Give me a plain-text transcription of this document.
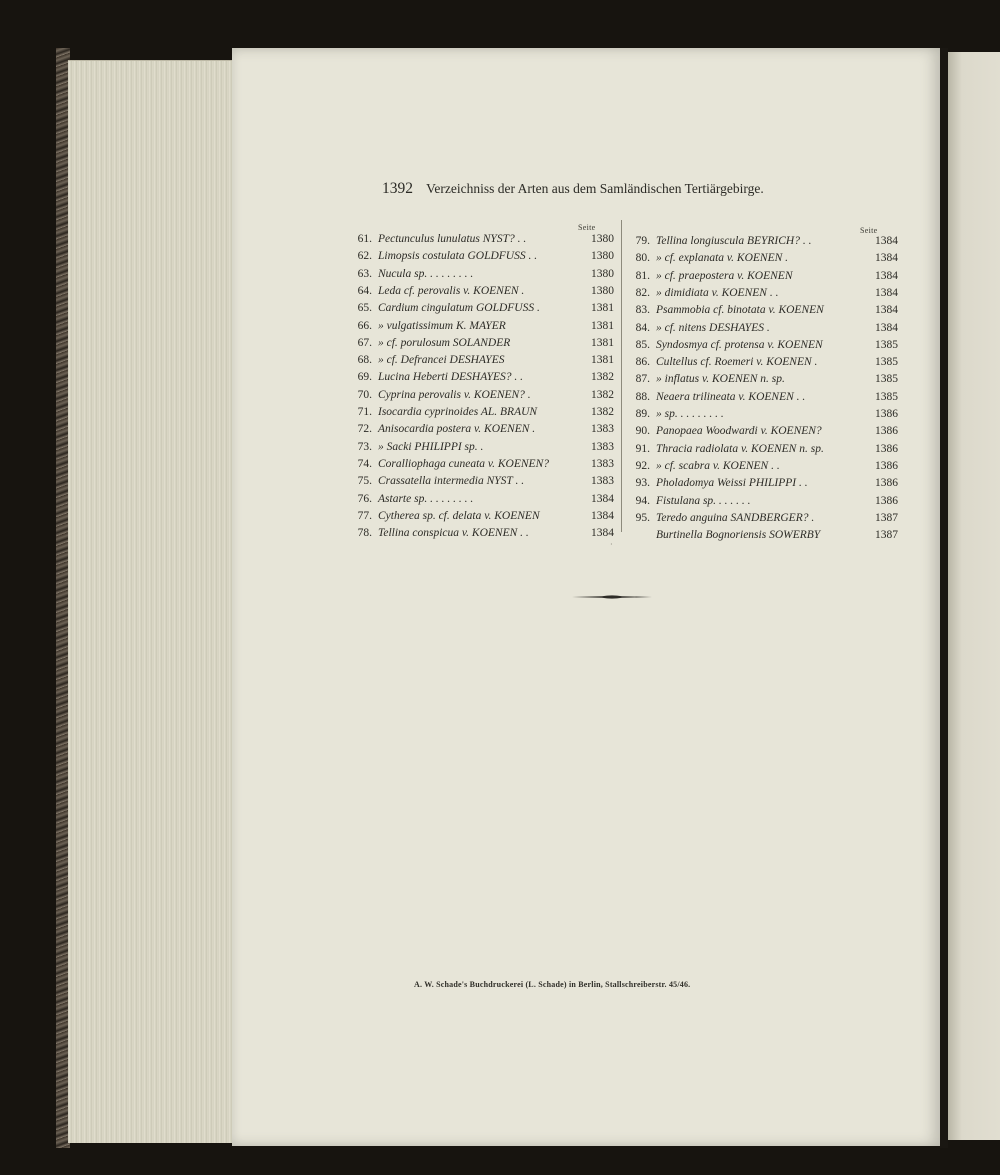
1392 Verzeichniss der Arten aus dem Samländischen Tertiärgebirge.
Seite	Seite
61. Pectunculus lunulatus NYST? . .	1380
62. Limopsis costulata GOLDFUSS . .	1380
63. Nucula sp. . . . . . . . .	1380
64. Leda cf. perovalis v. KOENEN .	1380
65. Cardium cingulatum GOLDFUSS .	1381
66. » vulgatissimum K. MAYER	1381
67. » cf. porulosum SOLANDER	1381
68. » cf. Defrancei DESHAYES	1381
69. Lucina Heberti DESHAYES? . .	1382
70. Cyprina perovalis v. KOENEN? .	1382
71. Isocardia cyprinoides AL. BRAUN	1382
72. Anisocardia postera v. KOENEN .	1383
73. » Sacki PHILIPPI sp. .	1383
74. Coralliophaga cuneata v. KOENEN?	1383
75. Crassatella intermedia NYST . .	1383
76. Astarte sp. . . . . . . . .	1384
77. Cytherea sp. cf. delata v. KOENEN	1384
78. Tellina conspicua v. KOENEN . .	1384
79. Tellina longiuscula BEYRICH? . .	1384
80. » cf. explanata v. KOENEN .	1384
81. » cf. praepostera v. KOENEN	1384
82. » dimidiata v. KOENEN . .	1384
83. Psammobia cf. binotata v. KOENEN	1384
84. » cf. nitens DESHAYES .	1384
85. Syndosmya cf. protensa v. KOENEN	1385
86. Cultellus cf. Roemeri v. KOENEN .	1385
87. » inflatus v. KOENEN n. sp.	1385
88. Neaera trilineata v. KOENEN . .	1385
89. » sp. . . . . . . . .	1386
90. Panopaea Woodwardi v. KOENEN?	1386
91. Thracia radiolata v. KOENEN n. sp.	1386
92. » cf. scabra v. KOENEN . .	1386
93. Pholadomya Weissi PHILIPPI . .	1386
94. Fistulana sp. . . . . . .	1386
95. Teredo anguina SANDBERGER? .	1387
Burtinella Bognoriensis SOWERBY	1387
·
A. W. Schade's Buchdruckerei (L. Schade) in Berlin, Stallschreiberstr. 45/46.
